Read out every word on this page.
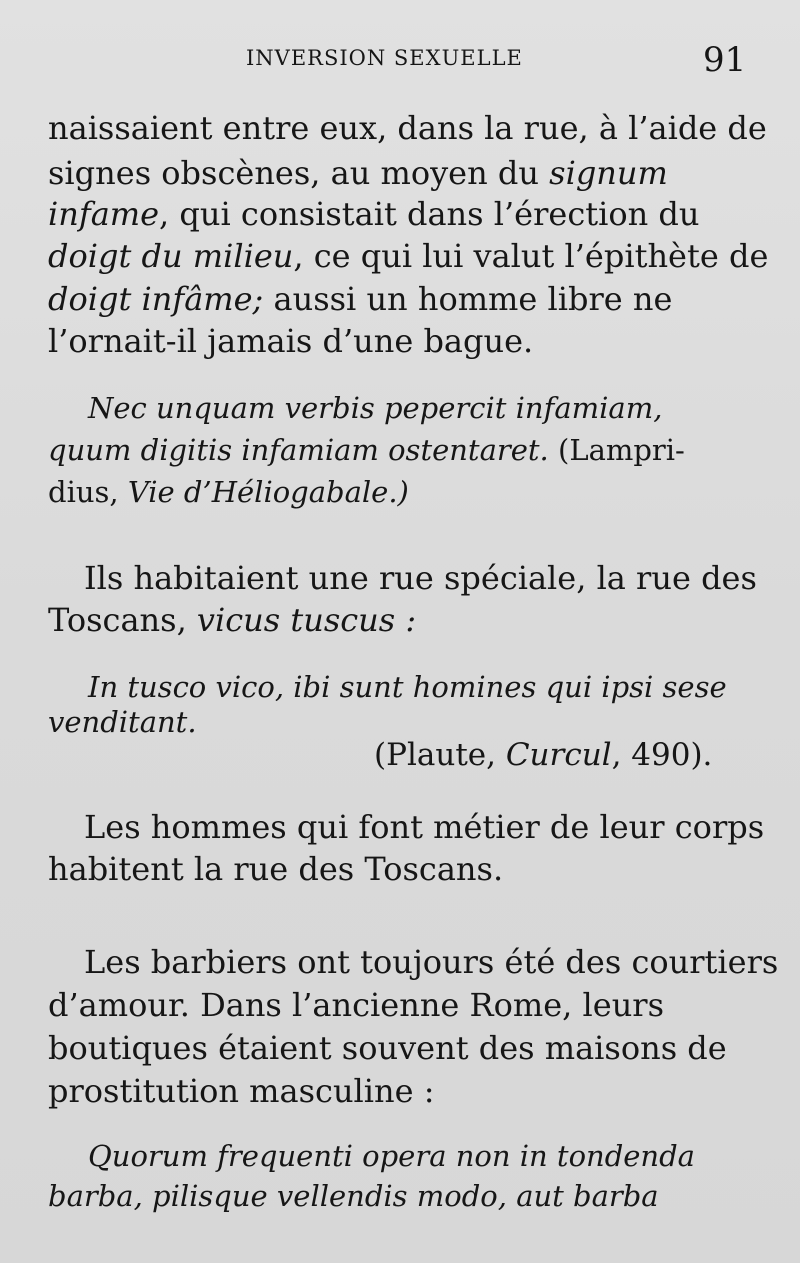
INVERSION SEXUELLE	91
naissaient entre eux, dans la rue, à l’aide de
signes obscènes, au moyen du signum
infame, qui consistait dans l’érection du
doigt du milieu, ce qui lui valut l’épithète de
doigt infâme; aussi un homme libre ne
l’ornait-il jamais d’une bague.
Nec unquam verbis pepercit infamiam,
quum digitis infamiam ostentaret. (Lampri-
dius, Vie d’Héliogabale.)
Ils habitaient une rue spéciale, la rue des
Toscans, vicus tuscus :
In tusco vico, ibi sunt homines qui ipsi sese
venditant.
(Plaute, Curcul, 490).
Les hommes qui font métier de leur corps
habitent la rue des Toscans.
Les barbiers ont toujours été des courtiers
d’amour. Dans l’ancienne Rome, leurs
boutiques étaient souvent des maisons de
prostitution masculine :
Quorum frequenti opera non in tondenda
barba, pilisque vellendis modo, aut barba
